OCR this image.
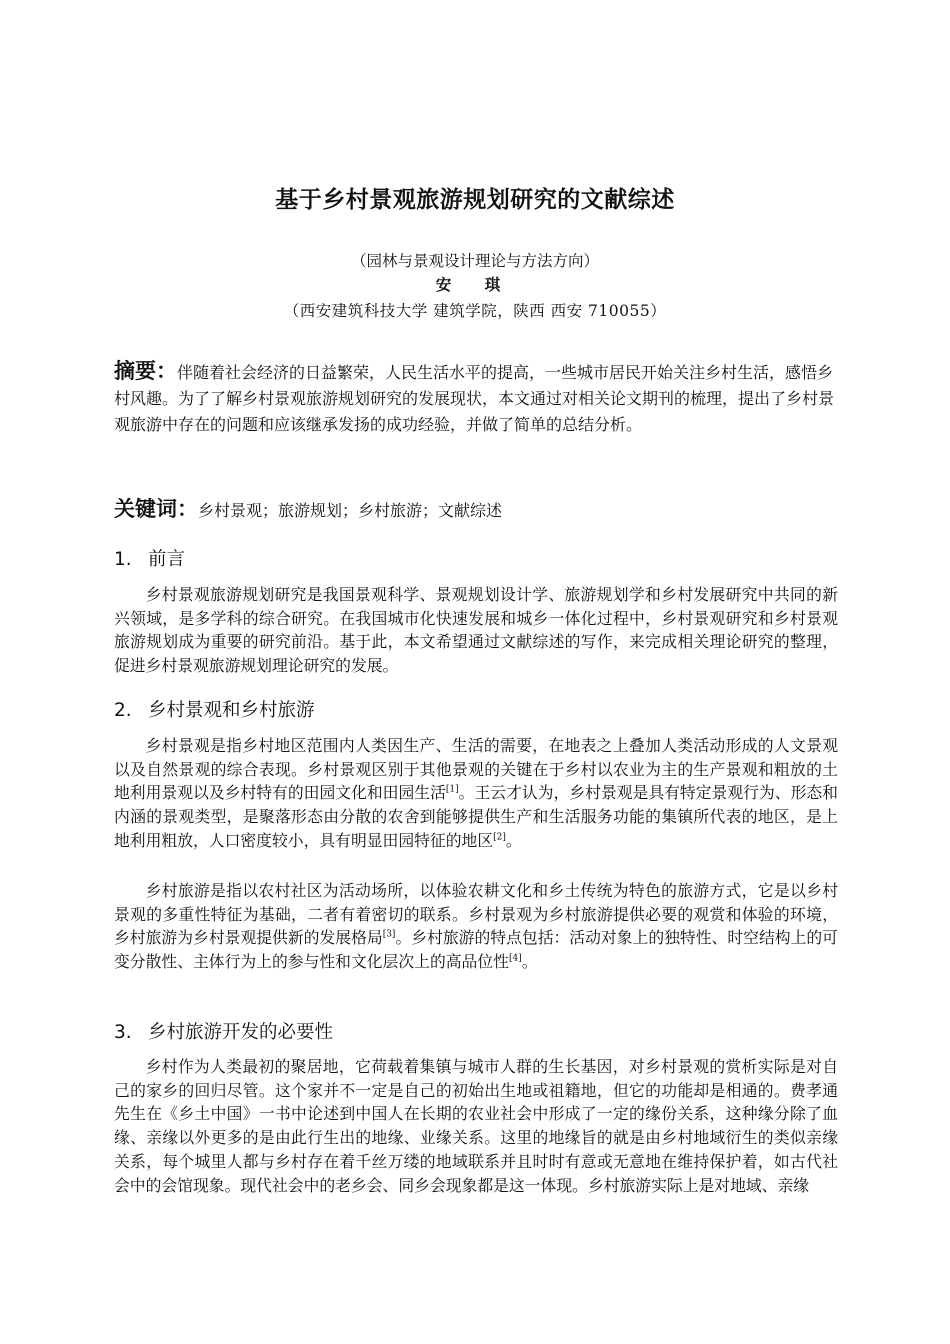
基于乡村景观旅游规划研究的文献综述
（园林与景观设计理论与方法方向）
安 琪
（西安建筑科技大学 建筑学院，陕西 西安 710055）
摘要：伴随着社会经济的日益繁荣，人民生活水平的提高，一些城市居民开始关注乡村生活，感悟乡村风趣。为了了解乡村景观旅游规划研究的发展现状，本文通过对相关论文期刊的梳理，提出了乡村景观旅游中存在的问题和应该继承发扬的成功经验，并做了简单的总结分析。
关键词：乡村景观；旅游规划；乡村旅游；文献综述
1. 前言

乡村景观旅游规划研究是我国景观科学、景观规划设计学、旅游规划学和乡村发展研究中共同的新兴领域，是多学科的综合研究。在我国城市化快速发展和城乡一体化过程中，乡村景观研究和乡村景观旅游规划成为重要的研究前沿。基于此，本文希望通过文献综述的写作，来完成相关理论研究的整理，促进乡村景观旅游规划理论研究的发展。

2. 乡村景观和乡村旅游

乡村景观是指乡村地区范围内人类因生产、生活的需要，在地表之上叠加人类活动形成的人文景观以及自然景观的综合表现。乡村景观区别于其他景观的关键在于乡村以农业为主的生产景观和粗放的土地利用景观以及乡村特有的田园文化和田园生活[1]。王云才认为，乡村景观是具有特定景观行为、形态和内涵的景观类型，是聚落形态由分散的农舍到能够提供生产和生活服务功能的集镇所代表的地区，是上地利用粗放，人口密度较小，具有明显田园特征的地区[2]。

乡村旅游是指以农村社区为活动场所，以体验农耕文化和乡土传统为特色的旅游方式，它是以乡村景观的多重性特征为基础，二者有着密切的联系。乡村景观为乡村旅游提供必要的观赏和体验的环境，乡村旅游为乡村景观提供新的发展格局[3]。乡村旅游的特点包括：活动对象上的独特性、时空结构上的可变分散性、主体行为上的参与性和文化层次上的高品位性[4]。

3. 乡村旅游开发的必要性

乡村作为人类最初的聚居地，它荷载着集镇与城市人群的生长基因，对乡村景观的赏析实际是对自己的家乡的回归尽管。这个家并不一定是自己的初始出生地或祖籍地，但它的功能却是相通的。费孝通先生在《乡土中国》一书中论述到中国人在长期的农业社会中形成了一定的缘份关系，这种缘分除了血缘、亲缘以外更多的是由此行生出的地缘、业缘关系。这里的地缘旨的就是由乡村地域衍生的类似亲缘关系，每个城里人都与乡村存在着千丝万缕的地域联系并且时时有意或无意地在维持保护着，如古代社会中的会馆现象。现代社会中的老乡会、同乡会现象都是这一体现。乡村旅游实际上是对地域、亲缘
